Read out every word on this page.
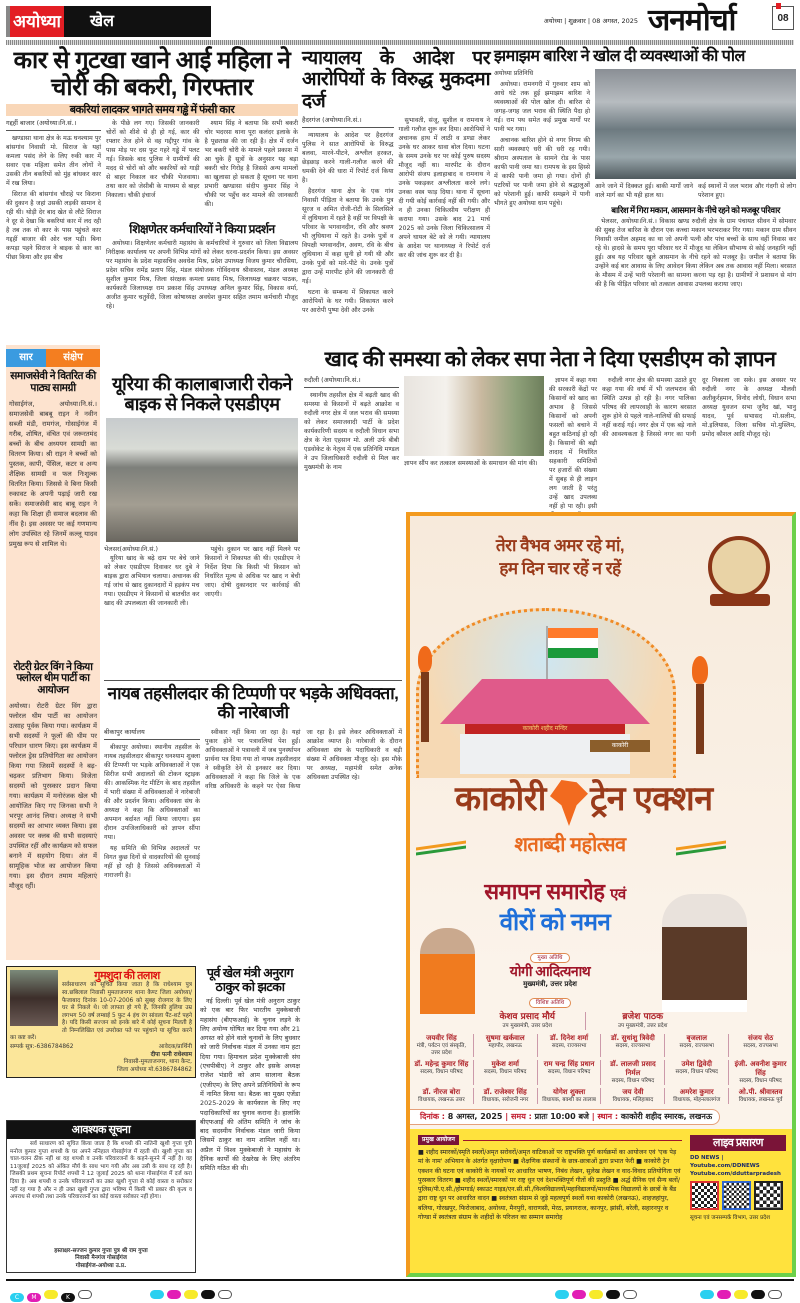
अयोध्या खेल	अयोध्या | शुक्रवार | 08 अगस्त, 2025 जनमोर्चा	08
कार से गुटखा खाने आई महिला ने चोरी की बकरी, गिरफ्तार
बकरियां लादकर भागते समय गड्ढे में फंसी कार
गद्दहीं बाजार (अयोध्या।नि.सं.।

खण्डासा थाना क्षेत्र के मऊ घनश्याम पुर बांसगांव निवासी मो. सिराज के यहां कमला पसंद लेने के लिए रुकी कार में सवार एक महिला समेत तीन लोगों ने उसकी तीन बकरियों को मुंह बांधकर कार में रख लिया।

सिराज की बांसगांव चौराहे पर किराना की दुकान है जहां उसकी लड़की सामान दे रही थी। थोड़ी देर बाद खेत से लौटे सिराज ने दूर से देखा कि बकरियां कार में लद रही है तब तक वो कार के पास पहुंचते कार गद्दहीं बाजार की ओर चल पड़ी। बिना कपड़ा पहने सिराज ने बाइक से कार का पीछा किया और इस बीच

के पीछे लग गए। जिसकी जानकारी चोरों को शीशे से ही हो गई, कार की रफ्तार तेज होने से वह गद्दीपुर गांव के पास मोड़ पर दस फुट गहरे गड्ढे में पलट गई। जिसके बाद पुलिस ने ग्रामीणों की मदद से चोरों को और बकरियों को गाड़ी से बाहर निकाल कर चौकी भेजवाया। तथा कार को जेसीबी के माध्यम से बाहर निकाला। चौकी इंचार्ज

श्याम सिंह ने बताया कि सभी बकरी चोर भदरसा थाना पूरा कलंदर इलाके के है पूछताछ की जा रही है। क्षेत्र में दर्जन भर बकरी चोरी के मामले पहले प्रकाश में आ चुके हैं सूत्रों के अनुसार यह बड़ा बकरी चोर गिरोह है जिससे अन्य मामलों का खुलासा हो सकता है सूचना पर थाना प्रभारी खण्डासा संदीप कुमार सिंह ने चौकी पर पहुँच कर मामले की जानकारी की।

शिक्षणेतर कर्मचारियों ने किया प्रदर्शन

अयोध्या। शिक्षणेतर कर्मचारी महासंघ के कर्मचारियों ने गुरुवार को जिला विद्यालय निरीक्षक कार्यालय पर अपनी विभिन्न मांगों को लेकर धरना-प्रदर्शन किया। इस अवसर पर महासंघ के प्रदेश महासचिव अवधेश मिश्र, प्रदेश उपाध्यक्ष विजय कुमार चौरसिया, प्रदेश सचिव रामेंद्र प्रताप सिंह, मंडल संयोजक गोविंदनाथ श्रीवास्तव, मंडल अध्यक्ष सुशील कुमार मिश्र, जिला संरक्षक कमला प्रसाद मिश्र, जिलाध्यक्ष चक्रधर पाठक, कार्यकारी जिलाध्यक्ष राम प्रकाश सिंह उपाध्यक्ष अनिल कुमार सिंह, विकास वर्मा, अजीत कुमार चतुर्वेदी, जिला कोषाध्यक्ष अवधेश कुमार सहित तमाम कर्मचारी मौजूद रहे।

न्यायालय के आदेश पर आरोपियों के विरुद्ध मुकदमा दर्ज
हैदरगंज (अयोध्या।नि.सं.।

न्यायालय के आदेश पर हैदरगंज पुलिस ने सात आरोपियों के विरुद्ध बलवा, मारने-पीटने, अश्लील हरकत, छेड़छाड़ करने गाली-गलौज करने की धमकी देने की धारा में रिपोर्ट दर्ज किया है।

हैदरगंज थाना क्षेत्र के एक गांव निवासी पीड़िता ने बताया कि उनके पुत्र सूरज व अमित रोजी-रोटी के सिलसिले में लुधियाना में रहते है वहीं पर विपक्षी के परिवार के भगवानदीन, रवि और श्रवण भी लुधियाना में रहते है। उनके पुत्रों व विपक्षी भगवानदीन, अवण, रवि के बीच लुधियाना में कहा सुनी हो गयी थी और उनके पुत्रों को मारे-पीटे थे। उनके पुत्रों द्वारा उन्हें मारपीट होने की जानकारी दी गई।

घटना के सम्बन्ध में शिकायत करने आरोपियों के घर गयी। शिकायत करने पर आरोपी पुष्पा देवी और उनके

सुभावती, संजू, सुशील व रामनाथ ने गाली गलौज शुरू कर दिया। आरोपियों ने अचानक हाथ में लाठी व डण्डा लेकर उनके घर आकर धावा बोल दिया। घटना के समय उनके घर पर कोई पुरुष सदस्य मौजूद नहीं था। मारपीट के दौरान आरोपी संजय इलाहाबाद व रामनाथ ने उनके पकड़कर अश्लीलता करने लगे। उनका वस्त्र फाड़ दिया। थाना में सूचना दी गयी कोई कार्रवाई नहीं की गयी। और न ही उनका चिकित्सीय परीक्षण ही कराया गया। उसके बाद 21 मार्च 2025 को उनके जिला चिकित्सालय में अपने घायल बेटे को ले गयी। न्यायालय के आदेश पर थानाध्यक्ष ने रिपोर्ट दर्ज कर की जांच शुरू कर दी है।

झमाझम बारिश ने खोल दी व्यवस्थाओं की पोल
अयोध्या प्रतिनिधि

अयोध्या। रामनगरी में गुरुवार शाम को आधे घंटे तक हुई झमाझम बारिश ने व्यवस्थाओं की पोल खोल दी। बारिश से जगह-जगह जल भराव की स्थिति पैदा हो गई। राम पथ समेत कई प्रमुख मार्गों पर पानी भर गया।

अचानक बारिश होने से नगर निगम की सारी व्यवस्थाएं धरी की धरी रह गयी। श्रीराम अस्पताल के सामने रोड के पास काफी पानी जमा था। रामपथ के इस हिस्से में काफी पानी जमा हो गया। दोनों ही पटरियों पर पानी जमा होने से श्रद्धालुओं को परेशानी हुई। काफी समझने में पानी भीगते हुए अयोध्या धाम पहुंचे।

आने जाने में दिक्कत हुई। बाकी मार्गों जाने वाले मार्ग का भी यही हाल था।
कई स्थानों में जल भराव और गंदगी से लोग परेशान हुए।
बारिश में गिरा मकान, आसमान के नीचे रहने को मजबूर परिवार

भेलसर, अयोध्या।नि.सं.। विकास खण्ड रुदौली क्षेत्र के ग्राम पंचायत सीवन में सोमवार की सुबह तेज बारिश के दौरान एक कच्चा मकान भरभराकर गिर गया। मकान ग्राम सीवन निवासी जमील अहमद का था जो अपनी पत्नी और पांच बच्चों के साथ वहीं निवास कर रहे थे। हादसे के समय पूरा परिवार घर में मौजूद था लेकिन सौभाग्य से कोई जनहानि नहीं हुई। अब यह परिवार खुले आसमान के नीचे रहने को मजबूर है। जमील ने बताया कि उन्होंने कई बार आवास के लिए आवेदन किया लेकिन अब तक आवास नहीं मिला। बरसात के मौसम में उन्हें भारी परेशानी का सामना करना पड़ रहा है। ग्रामीणों ने प्रशासन से मांग की है कि पीड़ित परिवार को तत्काल आवास उपलब्ध कराया जाए।

सार	संक्षेप
समाजसेवी ने वितरित की पाठ्य सामग्री
गोसाईगंज, अयोध्या।नि.सं.। समाजसेवी बाबबू राइन ने नवीन सब्जी मंडी, रामगंज, गोसाईगंज में गरीब, शोषित, वंचित एवं जरूरतमंद बच्चों के बीच अध्ययन सामग्री का वितरण किया। श्री राइन ने बच्चों को पुस्तक, कापी, पेंसिल, कटर व अन्य शैक्षिक सामग्री व फल निःशुल्क वितरित किया। जिससे वे बिना किसी रुकावट के अपनी पढ़ाई जारी रख सकें। समाजसेवी बाद बाबू राइन ने कहा कि शिक्षा ही समाज बदलाव की नींव है। इस अवसर पर कई गणमान्य लोग उपस्थित रहे जिनमें कल्लू यादव प्रमुख रूप से शामिल थे।
रोटरी ग्रेटर विंग ने किया फ्लोरल थीम पार्टी का आयोजन
अयोध्या। रोटरी ग्रेटर विंग द्वारा फ्लोरल थीम पार्टी का आयोजन उत्साह पूर्वक किया गया। कार्यक्रम में सभी सदस्यों ने फूलों की थीम पर परिधान धारण किए। इस कार्यक्रम में फ्लोरल ड्रेस प्रतियोगिता का आयोजन किया गया जिसमें सदस्यों ने बढ़-चढ़कर प्रतिभाग किया। विजेता सदस्यों को पुरस्कार प्रदान किया गया। कार्यक्रम में मनोरंजक खेल भी आयोजित किए गए जिनका सभी ने भरपूर आनंद लिया। अध्यक्ष ने सभी सदस्यों का आभार व्यक्त किया। इस अवसर पर क्लब की सभी सदस्याएं उपस्थित रहीं और कार्यक्रम को सफल बनाने में सहयोग दिया। अंत में सामूहिक भोज का आयोजन किया गया। इस दौरान तमाम महिलाएं मौजूद रहीं।
यूरिया की कालाबाजारी रोकने बाइक से निकले एसडीएम
भेलसर(अयोध्या।नि.सं.)

यूरिया खाद के बढ़े दाम पर बेचे जाने को लेकर एसडीएम दिवाकर धर दुबे ने बाइक द्वारा अभियान चलाया। अचानक की गई जांच से खाद दुकानदारों में हड़कंप मच गया। एसडीएम ने किसानों से बातचीत कर खाद की उपलब्धता की जानकारी ली।

पहुंचे। दुकान पर खाद नहीं मिलने पर किसानों ने शिकायत की थी। एसडीएम ने निर्देश दिया कि किसी भी किसान को निर्धारित मूल्य से अधिक पर खाद न बेची जाए। दोषी दुकानदार पर कार्रवाई की जाएगी।

खाद की समस्या को लेकर सपा नेता ने दिया एसडीएम को ज्ञापन
रुदौली (अयोध्या।नि.सं.।

स्थानीय तहसील क्षेत्र में बढ़ती खाद की समस्या से किसानों में बढ़ते आक्रोश व रुदौली नगर क्षेत्र में जल भराव की समस्या को लेकर समाजवादी पार्टी के प्रदेश कार्यकारिणी सदस्य व रुदौली विधान सभा क्षेत्र के नेता एहसान मो. अली उर्फ बीबी एडवोकेट के नेतृत्व में एक प्रतिनिधि मण्डल ने उप जिलाधिकारी रुदौली से मिल कर मुख्यमंत्री के नाम

ज्ञापन सौंप कर तत्काल समस्याओं के समाधान की मांग की।

ज्ञापन में कहा गया की सरकारी केंद्रों पर किसानों को खाद का अभाव है जिससे किसानों को अपनी फसलों को बचाने में बहुत कठिनाई हो रही है। किसानों की बढ़ी तादाद में निर्धारित सहकारी समितियों पर हजारों की संख्या में सुबह से ही लाइन लग जाती है परंतु उन्हें खाद उपलब्ध नहीं हो पा रही। इसी

रुदौली नगर क्षेत्र की समस्या उठाते हुए कहा गया की वर्षा में भी जलभराव की स्थिति उत्पन्न हो रही है। नगर पालिका परिषद की लापरवाही के कारण बरसात शुरू होने से पहले नाले-नालियों की सफाई नहीं कराई गई। नगर क्षेत्र में एक बड़े नाले की आवश्यकता है जिससे नगर का पानी दूर निकाला जा सके। इस अवसर पर रुदौली नगर के अध्यक्ष मौलवी अतीकुर्रहमान, विनोद लोधी, विधान सभा अध्यक्ष युवजन सभा जुनैद खां, भानु यादव, पूर्व सभासद मो.सलीम, मो.इलियास, जिला सचिव मो.मुस्लिम, प्रमोद कौशल आदि मौजूद रहे।

नायब तहसीलदार की टिप्पणी पर भड़के अधिवक्ता, की नारेबाजी
बीकापुर कार्यालय

बीकापुर अयोध्या। स्थानीय तहसील के नायब तहसीलदार बीकापुर घनश्याम शुक्ला की टिप्पणी पर भड़के अधिवक्ताओं ने एक सिरीज सभी अदालतों की टोकन स्ट्राइक की। आकस्मिक गेट मीटिंग के बाद तहसील में भारी संख्या में अधिवक्ताओं ने नारेबाजी की और प्रदर्शन किया। अधिवक्ता संघ के अध्यक्ष ने कहा कि अधिवक्ताओं का अपमान बर्दाश्त नहीं किया जाएगा। इस दौरान उपजिलाधिकारी को ज्ञापन सौंपा गया।

यह समिति की विभिन्न अदालतों पर विगत कुछ दिनों से वादकारियों की सुनवाई नहीं हो रही है जिससे अधिवक्ताओं में नाराजगी है।

स्वीकार नहीं किया जा रहा है। यहां पुकार होने पर पत्रावलियां पेश हुईं। अधिवक्ताओं ने पत्रावली में जब पुनर्स्थापन प्रार्थना पत्र दिया गया तो नायब तहसीलदार ने स्वीकृति देने से इनकार कर दिया। अधिवक्ताओं ने कहा कि जिले के एक वरिष्ठ अधिकारी के कहने पर ऐसा किया जा रहा है। इसे लेकर अधिवक्ताओं में आक्रोश व्याप्त है। नारेबाजी के दौरान अधिवक्ता संघ के पदाधिकारी व बड़ी संख्या में अधिवक्ता मौजूद रहे। इस मौके पर अध्यक्ष, महामंत्री समेत अनेक अधिवक्ता उपस्थित रहे।

गुमशुदा की तलाश
सर्वसाधारण को सूचित किया जाता है कि राधेश्याम पुत्र स्व.छबिलाल निवासी मुमताजनगर थाना कैण्ट जिला अयोध्या/फैजाबाद दिनांक 10-07-2006 को सुबह रोजगार के लिए घर से निकले थे। जो लापता हो गये है, जिनकी हुलिया उम्र लगभग 50 वर्ष लम्बाई 5 फुट 4 इंच रंग सांवला पैंट-शर्ट पहने है। यदि किसी सज्जन को इनके बारे में कोई सूचना मिलती है तो निम्नलिखित एवं उपरोक्त पते पर पहुंचाने या सूचित करने का कष्ट करें।
सम्पर्क सूत्र:-6386784862	आवेदक/प्रार्थिनी
दीपा पत्नी राधेश्याम
निवासी-मुमताजनगर, थाना कैन्ट,
जिला अयोध्या मो.6386784862
आवश्यक सूचना
सर्व साधारण को सूचित किया जाता है कि शपथी की नातिनी खुशी गुप्ता पुत्री मनोज कुमार गुप्ता शपथी के घर अपने ननिहाल गोसाईगंज में रहती थी। खुशी गुप्ता का चाल-चलन ठीक नहीं था वह शपथी व उनके परिवारजनों के कहने-सुनने में नहीं है। वह 11जुलाई 2025 को अंकित मौर्य के साथ भाग गयी और अब उसी के साथ रह रही है। जिसकी प्रथम सूचना रिपोर्ट शपथी ने 12 जुलाई 2025 को थाना गोसाईगंज में दर्ज करा दिया है। अब शपथी व उनके परिवारजनों का उक्त खुशी गुप्ता से कोई वास्ता व सरोकार नहीं रह गया है और न ही उक्त खुशी गुप्ता द्वारा भविष्य में किसी भी प्रकार की कृत्य व अपराध से शपथी तथा उनके परिवारजनों का कोई वास्ता सरोकार नहीं होगा।
हस्ताक्षर-सज्जन कुमार गुप्ता पुत्र श्री राम गुप्ता
निवासी मैनगंज गोसाईगंज
गोसाईगंज-अयोध्या उ.प्र.
पूर्व खेल मंत्री अनुराग ठाकुर को झटका

नई दिल्ली। पूर्व खेल मंत्री अनुराग ठाकुर को एक बार फिर भारतीय मुक्केबाजी महासंघ (बीएफआई) के चुनाव लड़ने के लिए अयोग्य घोषित कर दिया गया और 21 अगस्त को होने वाले चुनावों के लिए बुधवार को जारी निर्वाचक मंडल में उनका नाम हटा दिया गया। हिमाचल प्रदेश मुक्केबाजी संघ (एचपीबीए) ने ठाकुर और इसके अध्यक्ष राजेश भंडारी को आम सालाना बैठक (एजीएम) के लिए अपने प्रतिनिधियों के रूप में नामित किया था। बैठक का मुख्य एजेंडा 2025-2029 के कार्यकाल के लिए नए पदाधिकारियों का चुनाव कराना है। हालांकि बीएफआई की अंतिम समिति ने जांच के बाद सदस्यीय निर्वाचक मंडल जारी किया जिसमें ठाकुर का नाम शामिल नहीं था। अप्रैल में विश्व मुक्केबाजी ने महासंघ के दैनिक कार्यों की देखरेख के लिए अंतरिम समिति गठित की थी।

तेरा वैभव अमर रहे मां,
हम दिन चार रहें न रहें
काकोरी शहीद मन्दिर
काकोरी
काकोरी ट्रेन एक्शन
शताब्दी महोत्सव
समापन समारोह एवं
वीरों को नमन
मुख्य अतिथि
योगी आदित्यनाथ
मुख्यमंत्री, उत्तर प्रदेश
विशिष्ट अतिथि
केशव प्रसाद मौर्य
उप मुख्यमंत्री, उत्तर प्रदेश
ब्रजेश पाठक
उप मुख्यमंत्री, उत्तर प्रदेश
जयवीर सिंह
मंत्री, पर्यटन एवं संस्कृति, उत्तर प्रदेश
सुषमा खर्कवाल
महापौर, लखनऊ
डॉ. दिनेश शर्मा
सदस्य, राज्यसभा
डॉ. सुधांशु त्रिवेदी
सदस्य, राज्यसभा
बृजलाल
सदस्य, राज्यसभा
संजय सेठ
सदस्य, राज्यसभा
डॉ. महेन्द्र कुमार सिंह
सदस्य, विधान परिषद
मुकेश शर्मा
सदस्य, विधान परिषद
राम चन्द्र सिंह प्रधान
सदस्य, विधान परिषद
डॉ. लालजी प्रसाद निर्मल
सदस्य, विधान परिषद
उमेश द्विवेदी
सदस्य, विधान परिषद
इंजी. अवनीश कुमार सिंह
सदस्य, विधान परिषद
डॉ. नीरज बोरा
विधायक, लखनऊ उत्तर
डॉ. राजेश्वर सिंह
विधायक, सरोजनी नगर
योगेश शुक्ला
विधायक, बक्शी का तालाब
जय देवी
विधायक, मलिहाबाद
अमरेश कुमार
विधायक, मोहनलालगंज
ओ.पी. श्रीवास्तव
विधायक, लखनऊ पूर्व
दिनांक : 8 अगस्त, 2025 | समय : प्रातः 10:00 बजे | स्थान : काकोरी शहीद स्मारक, लखनऊ
प्रमुख आयोजन
■ शहीद स्मारकों/स्मृति स्थलों/अमृत सरोवरों/अमृत वाटिकाओं पर राष्ट्रभक्ति पूर्ण कार्यक्रमों का आयोजन एवं 'एक पेड़ मां के नाम' अभियान के अंतर्गत वृक्षारोपण ■ शैक्षणिक संस्थानों के छात्र-छात्राओं द्वारा प्रभात फेरी ■ काकोरी ट्रेन एक्शन की घटना एवं काकोरी के नायकों पर आधारित भाषण, निबंध लेखन, सुलेख लेखन व वाद-विवाद प्रतियोगिता एवं पुरस्कार वितरण ■ शहीद स्थलों/स्मारकों पर राष्ट्र धुन एवं देशभक्तिपूर्ण गीतों की प्रस्तुति ■ अर्द्ध सैनिक एवं सैन्य बलों/पुलिस/पी.ए.सी./होमगार्ड/ स्काउट गाइड/एन.सी.सी./विश्वविद्यालयों/महाविद्यालयों/माध्यमिक विद्यालयों के छात्रों के बैंड द्वारा राष्ट्र धुन पर आधारित वादन ■ स्वतंत्रता संग्राम से जुड़े महत्वपूर्ण स्थलों यथा काकोरी (लखनऊ), शाहजहांपुर, बलिया, गोरखपुर, फिरोजाबाद, अयोध्या, मैनपुरी, वाराणसी, मेरठ, प्रयागराज, कानपुर, झांसी, बरेली, सहारनपुर व गोण्डा में स्वतंत्रता संग्राम के शहीदों के परिजन का सम्मान समारोह
लाइव प्रसारण
DD NEWS | Youtube.com/DDNEWS
Youtube.com/dduttarpradesh
सूचना एवं जनसम्पर्क विभाग, उत्तर प्रदेश
C M	K
